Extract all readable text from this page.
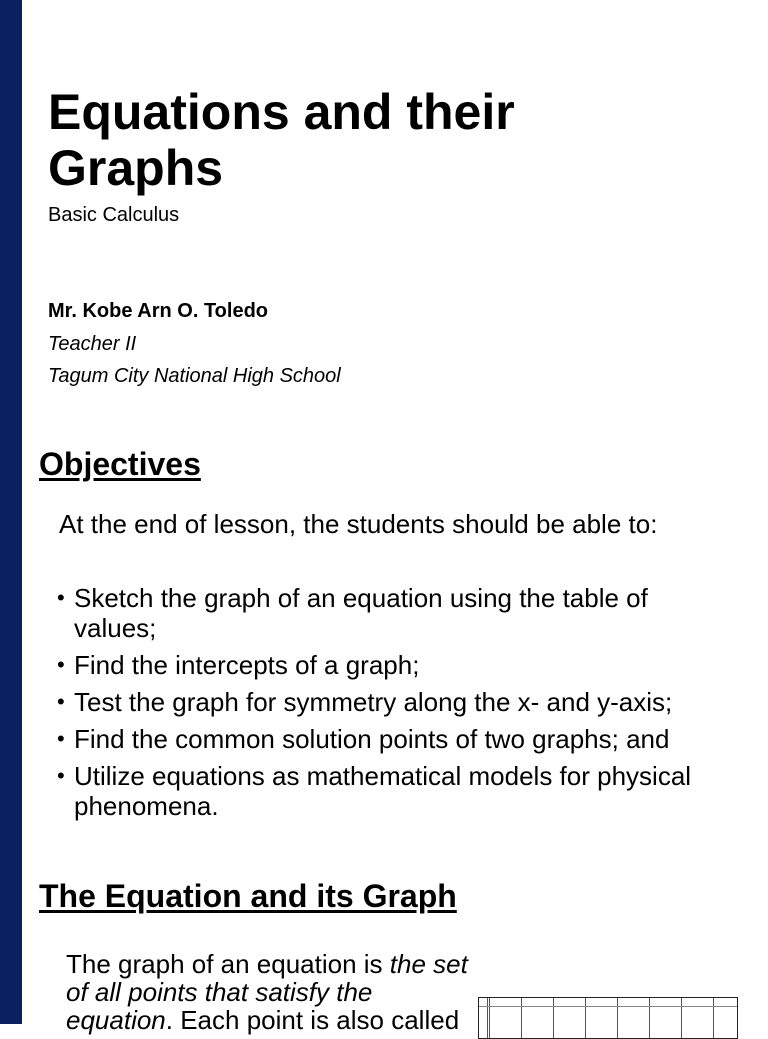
Equations and their Graphs
Basic Calculus
Mr. Kobe Arn O. Toledo
Teacher II
Tagum City National High School
Objectives
At the end of lesson, the students should be able to:
• Sketch the graph of an equation using the table of values;
• Find the intercepts of a graph;
• Test the graph for symmetry along the x- and y-axis;
• Find the common solution points of two graphs; and
• Utilize equations as mathematical models for physical phenomena.
The Equation and its Graph

The graph of an equation is the set of all points that satisfy the equation. Each point is also called
